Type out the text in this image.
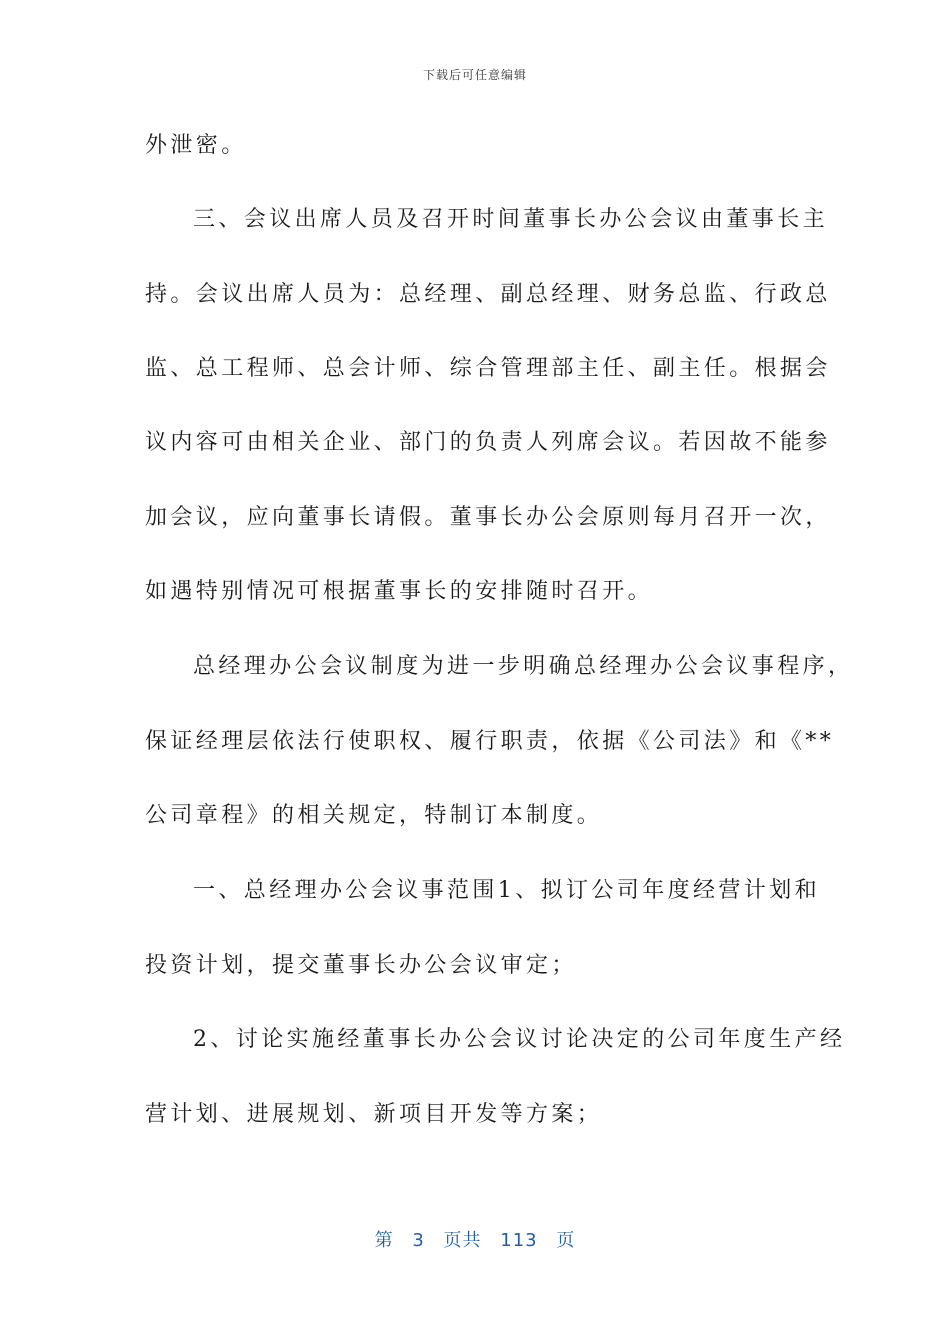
下载后可任意编辑
外泄密。
三、会议出席人员及召开时间董事长办公会议由董事长主
持。会议出席人员为：总经理、副总经理、财务总监、行政总
监、总工程师、总会计师、综合管理部主任、副主任。根据会
议内容可由相关企业、部门的负责人列席会议。若因故不能参
加会议，应向董事长请假。董事长办公会原则每月召开一次，
如遇特别情况可根据董事长的安排随时召开。
总经理办公会议制度为进一步明确总经理办公会议事程序，
保证经理层依法行使职权、履行职责，依据《公司法》和《**
公司章程》的相关规定，特制订本制度。
一、总经理办公会议事范围1、拟订公司年度经营计划和
投资计划，提交董事长办公会议审定；
2、讨论实施经董事长办公会议讨论决定的公司年度生产经
营计划、进展规划、新项目开发等方案；
第 3 页共 113 页
